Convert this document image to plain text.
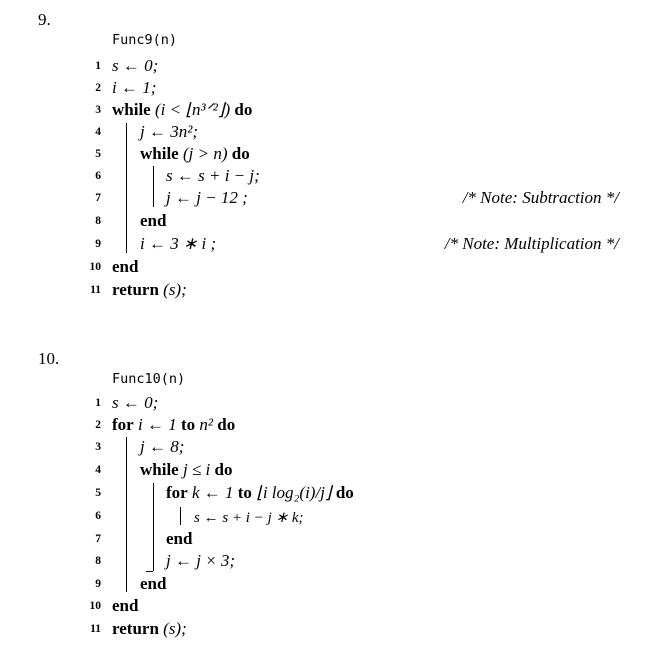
9.
Func9(n)
1 s ← 0;
2 i ← 1;
3 while (i < ⌊n³ᐟ²⌋) do
4 j ← 3n²;
5 while (j > n) do
6	s ← s + i − j;
7	j ← j − 12 ;	/* Note: Subtraction */
8 end
9 i ← 3 ∗ i ;	/* Note: Multiplication */
10 end
11 return (s);
10.
Func10(n)
1 s ← 0;
2 for i ← 1 to n² do
3 j ← 8;
4 while j ≤ i do
5	for k ← 1 to ⌊i log₂(i)/j⌋ do
6	s ← s + i − j ∗ k;
7	end
8	j ← j × 3;
9 end
10 end
11 return (s);
